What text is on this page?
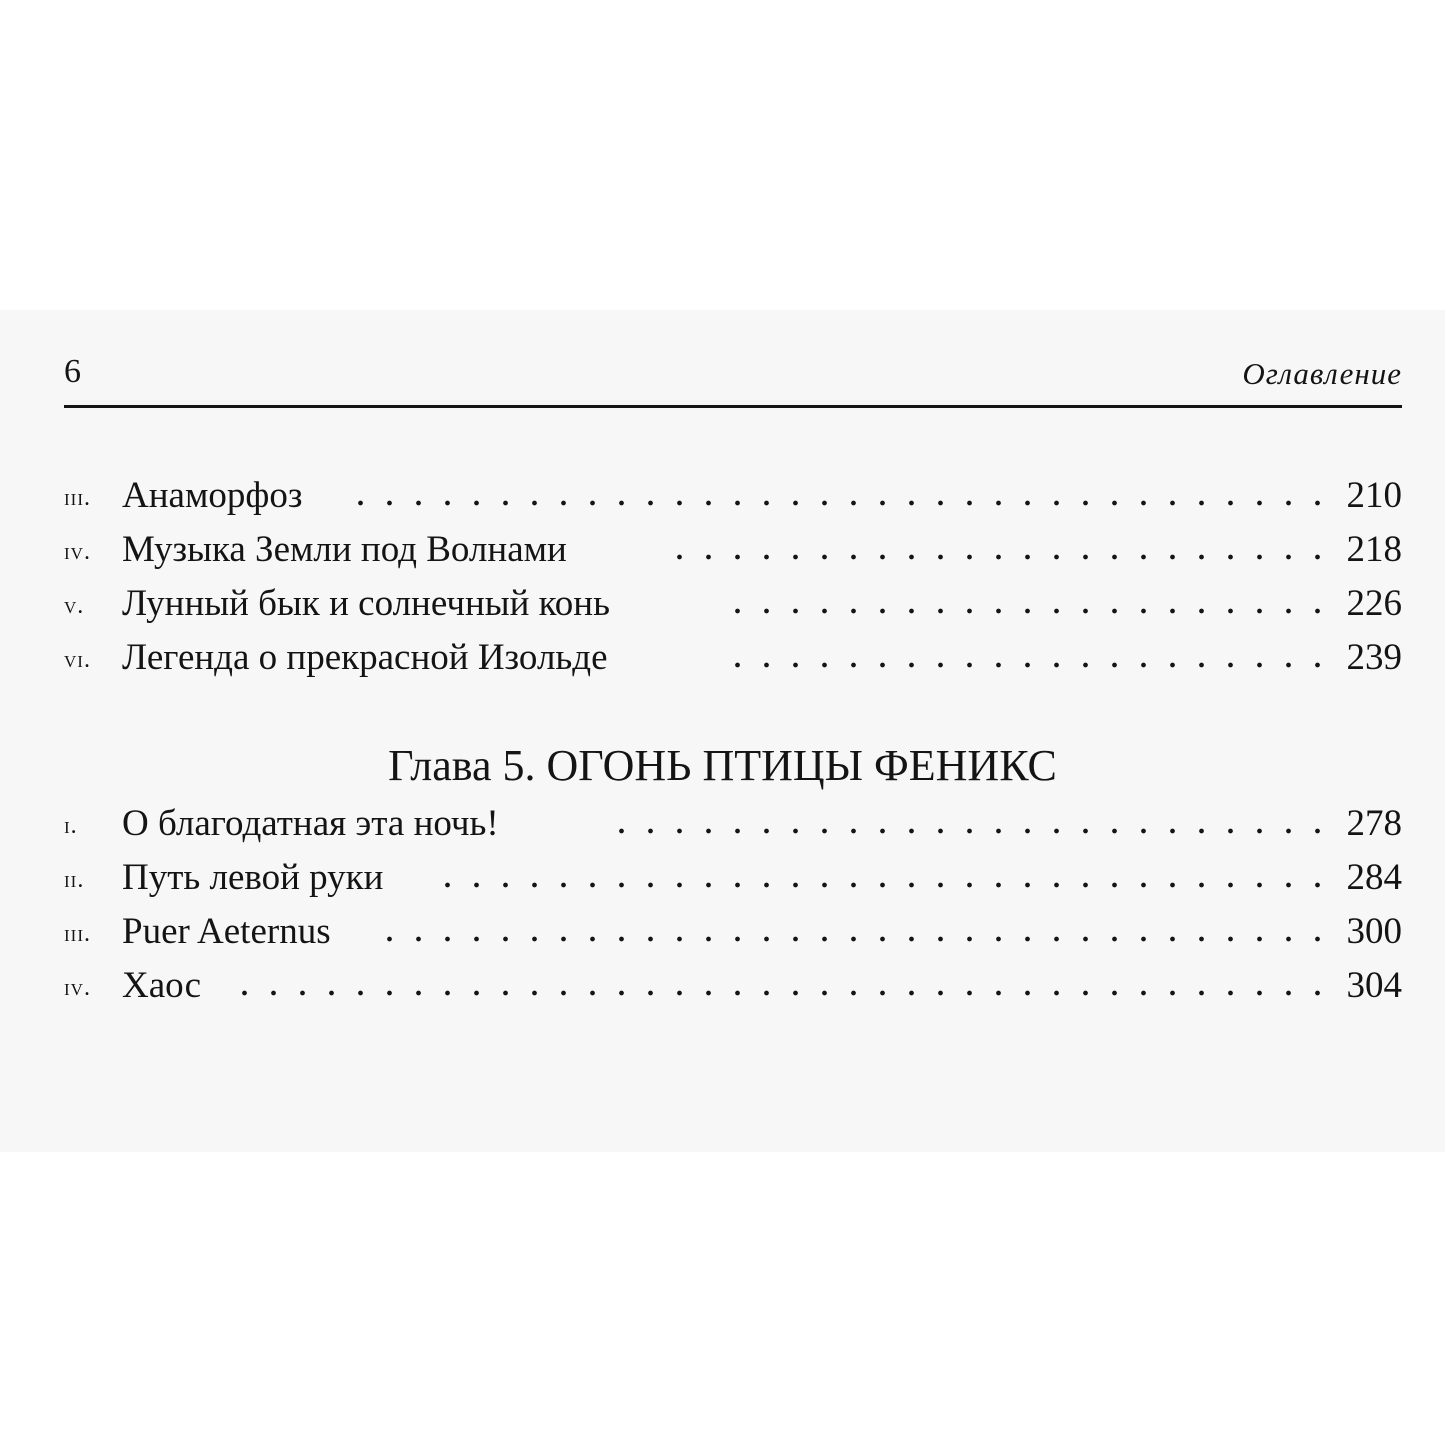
6	Оглавление
iii. Анаморфоз	210
iv. Музыка Земли под Волнами	218
v. Лунный бык и солнечный конь	226
vi. Легенда о прекрасной Изольде	239
Глава 5. ОГОНЬ ПТИЦЫ ФЕНИКС
i. О благодатная эта ночь!	278
ii. Путь левой руки	284
iii. Puer Aeternus	300
iv. Хаос	304
